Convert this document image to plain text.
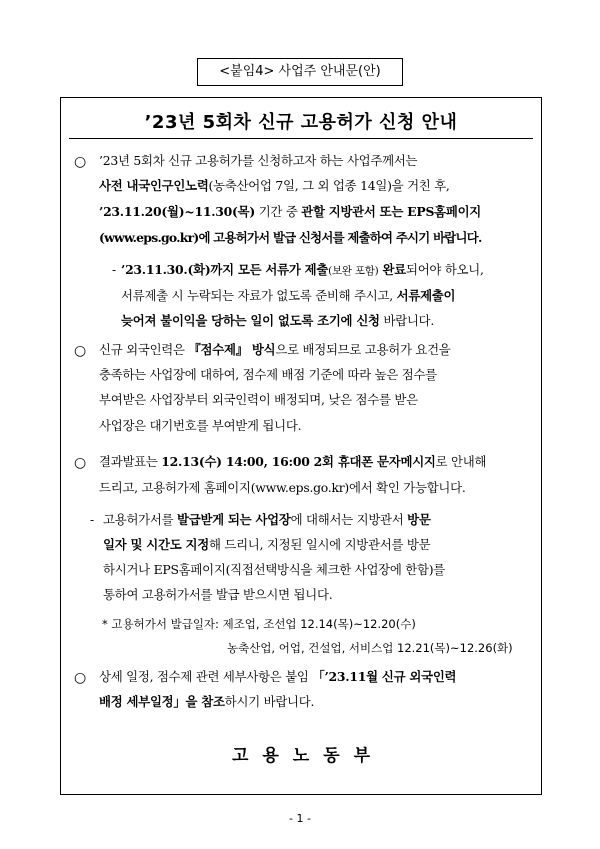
<붙임4> 사업주 안내문(안)
’23년 5회차 신규 고용허가 신청 안내
○ ’23년 5회차 신규 고용허가를 신청하고자 하는 사업주께서는
사전 내국인구인노력(농축산어업 7일, 그 외 업종 14일)을 거친 후,
’23.11.20(월)~11.30(목) 기간 중 관할 지방관서 또는 EPS홈페이지
(www.eps.go.kr)에 고용허가서 발급 신청서를 제출하여 주시기 바랍니다.
- ’23.11.30.(화)까지 모든 서류가 제출(보완 포함) 완료되어야 하오니,
서류제출 시 누락되는 자료가 없도록 준비해 주시고, 서류제출이
늦어져 불이익을 당하는 일이 없도록 조기에 신청 바랍니다.
○ 신규 외국인력은 『점수제』 방식으로 배정되므로 고용허가 요건을
충족하는 사업장에 대하여, 점수제 배점 기준에 따라 높은 점수를
부여받은 사업장부터 외국인력이 배정되며, 낮은 점수를 받은
사업장은 대기번호를 부여받게 됩니다.
○ 결과발표는 12.13(수) 14:00, 16:00 2회 휴대폰 문자메시지로 안내해
드리고, 고용허가제 홈페이지(www.eps.go.kr)에서 확인 가능합니다.
- 고용허가서를 발급받게 되는 사업장에 대해서는 지방관서 방문
일자 및 시간도 지정해 드리니, 지정된 일시에 지방관서를 방문
하시거나 EPS홈페이지(직접선택방식을 체크한 사업장에 한함)를
통하여 고용허가서를 발급 받으시면 됩니다.
* 고용허가서 발급일자: 제조업, 조선업 12.14(목)~12.20(수)
농축산업, 어업, 건설업, 서비스업 12.21(목)~12.26(화)
○ 상세 일정, 점수제 관련 세부사항은 붙임 「’23.11월 신규 외국인력
배정 세부일정」을 참조하시기 바랍니다.
고용노동부
- 1 -
